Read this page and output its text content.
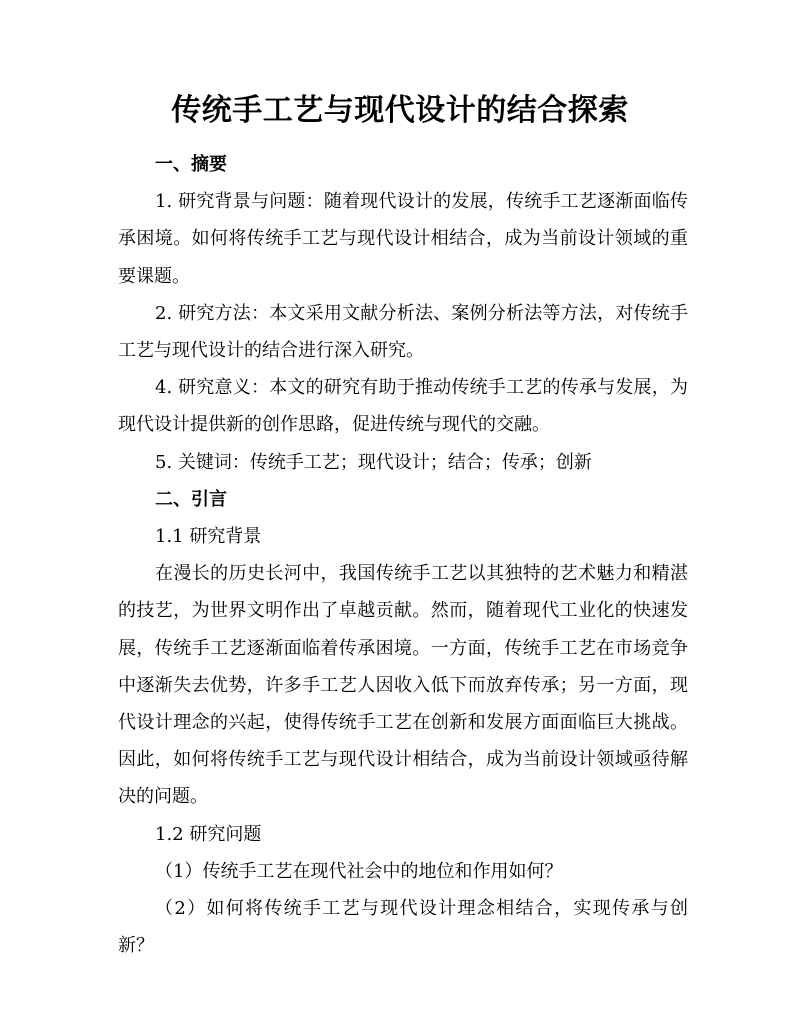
传统手工艺与现代设计的结合探索

一、摘要

1. 研究背景与问题：随着现代设计的发展，传统手工艺逐渐面临传承困境。如何将传统手工艺与现代设计相结合，成为当前设计领域的重要课题。

2. 研究方法：本文采用文献分析法、案例分析法等方法，对传统手工艺与现代设计的结合进行深入研究。

4. 研究意义：本文的研究有助于推动传统手工艺的传承与发展，为现代设计提供新的创作思路，促进传统与现代的交融。

5. 关键词：传统手工艺；现代设计；结合；传承；创新

二、引言

1.1 研究背景

在漫长的历史长河中，我国传统手工艺以其独特的艺术魅力和精湛的技艺，为世界文明作出了卓越贡献。然而，随着现代工业化的快速发展，传统手工艺逐渐面临着传承困境。一方面，传统手工艺在市场竞争中逐渐失去优势，许多手工艺人因收入低下而放弃传承；另一方面，现代设计理念的兴起，使得传统手工艺在创新和发展方面面临巨大挑战。因此，如何将传统手工艺与现代设计相结合，成为当前设计领域亟待解决的问题。

1.2 研究问题

（1）传统手工艺在现代社会中的地位和作用如何？

（2）如何将传统手工艺与现代设计理念相结合，实现传承与创新？
